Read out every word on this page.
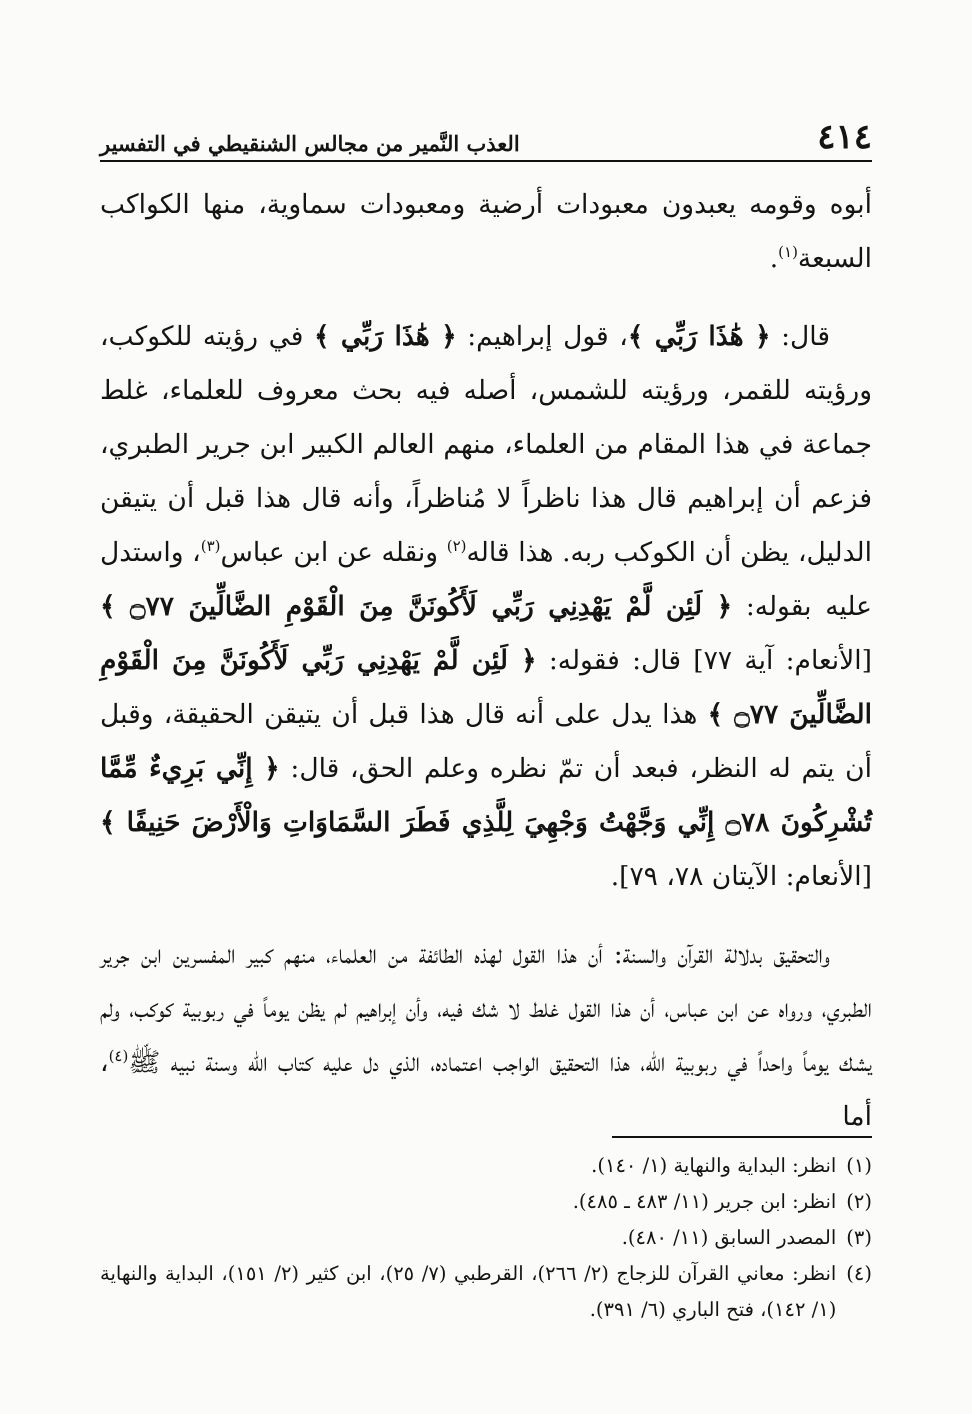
٤١٤
العذب النَّمير من مجالس الشنقيطي في التفسير

أبوه وقومه يعبدون معبودات أرضية ومعبودات سماوية، منها الكواكب السبعة$^{(١)}$.

قال: ﴿ هَٰذَا رَبِّي ﴾، قول إبراهيم: ﴿ هَٰذَا رَبِّي ﴾ في رؤيته للكوكب، ورؤيته للقمر، ورؤيته للشمس، أصله فيه بحث معروف للعلماء، غلط جماعة في هذا المقام من العلماء، منهم العالم الكبير ابن جرير الطبري، فزعم أن إبراهيم قال هذا ناظراً لا مُناظراً، وأنه قال هذا قبل أن يتيقن الدليل، يظن أن الكوكب ربه. هذا قاله$^{(٢)}$ ونقله عن ابن عباس$^{(٣)}$، واستدل عليه بقوله: ﴿ لَئِن لَّمْ يَهْدِنِي رَبِّي لَأَكُونَنَّ مِنَ الْقَوْمِ الضَّالِّينَ ۝٧٧ ﴾ [الأنعام: آية ٧٧] قال: فقوله: ﴿ لَئِن لَّمْ يَهْدِنِي رَبِّي لَأَكُونَنَّ مِنَ الْقَوْمِ الضَّالِّينَ ۝٧٧ ﴾ هذا يدل على أنه قال هذا قبل أن يتيقن الحقيقة، وقبل أن يتم له النظر، فبعد أن تمّ نظره وعلم الحق، قال: ﴿ إِنِّي بَرِيءٌ مِّمَّا تُشْرِكُونَ ۝٧٨ إِنِّي وَجَّهْتُ وَجْهِيَ لِلَّذِي فَطَرَ السَّمَاوَاتِ وَالْأَرْضَ حَنِيفًا ﴾ [الأنعام: الآيتان ٧٨، ٧٩].

والتحقيق بدلالة القرآن والسنة: أن هذا القول لهذه الطائفة من العلماء، منهم كبير المفسرين ابن جرير الطبري، ورواه عن ابن عباس، أن هذا القول غلط لا شك فيه، وأن إبراهيم لم يظن يوماً في ربوبية كوكب، ولم يشك يوماً واحداً في ربوبية الله، هذا التحقيق الواجب اعتماده، الذي دل عليه كتاب الله وسنة نبيه ﷺ$^{(٤)}$، أما

(١)
انظر: البداية والنهاية (١/ ١٤٠).
(٢)
انظر: ابن جرير (١١/ ٤٨٣ ـ ٤٨٥).
(٣)
المصدر السابق (١١/ ٤٨٠).
(٤)
انظر: معاني القرآن للزجاج (٢/ ٢٦٦)، القرطبي (٧/ ٢٥)، ابن كثير (٢/ ١٥١)، البداية والنهاية (١/ ١٤٢)، فتح الباري (٦/ ٣٩١).
